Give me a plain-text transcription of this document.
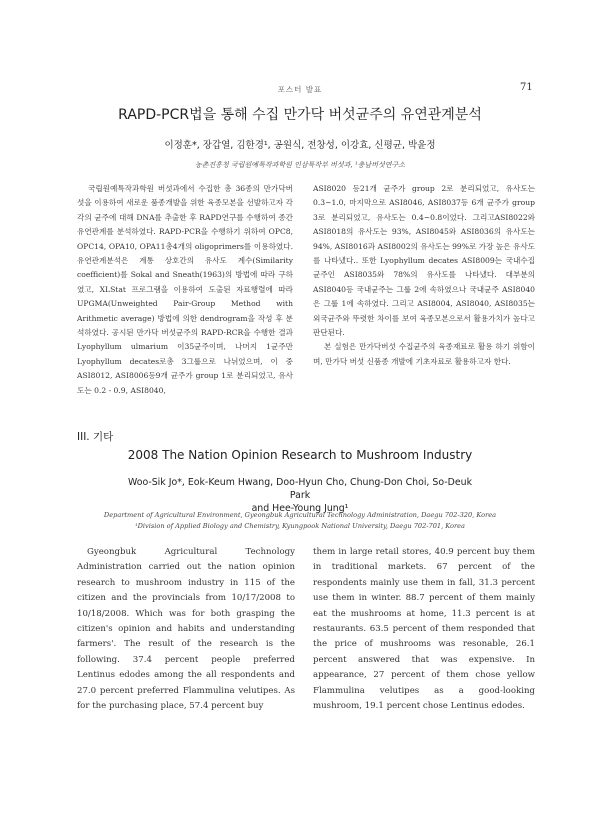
포스터 발표	71
RAPD-PCR법을 통해 수집 만가닥 버섯균주의 유연관계분석
이정훈*, 장갑열, 김한경¹, 공원식, 전창성, 이강효, 신평균, 박윤정
농촌진흥청 국립원예특작과학원 인삼특작부 버섯과, ¹충남버섯연구소

국립원예특작과학원 버섯과에서 수집한 총 36종의 만가닥버섯을 이용하여 새로운 품종개발을 위한 육종모본을 선발하고자 각각의 균주에 대해 DNA를 추출한 후 RAPD연구를 수행하여 종간 유연관계를 분석하였다. RAPD-PCR을 수행하기 위하여 OPC8, OPC14, OPA10, OPA11총4개의 oligoprimers를 이용하였다. 유연관계분석은 계통 상호간의 유사도 계수(Similarity coefficient)를 Sokal and Sneath(1963)의 방법에 따라 구하였고, XLStat 프로그램을 이용하여 도출된 자료행렬에 따라 UPGMA(Unweighted Pair-Group Method with Arithmetic average) 방법에 의한 dendrogram을 작성 후 분석하였다. 공시된 만가닥 버섯균주의 RAPD-RCR을 수행한 결과 Lyophyllum ulmarium 이35균주이며, 나머지 1균주만 Lyophyllum decates로총 3그룹으로 나뉘었으며, 이 중 ASI8012, ASI8006등9개 균주가 group 1로 분리되었고, 유사도는 0.2 - 0.9, ASI8040,

ASI8020 등21개 균주가 group 2로 분리되었고, 유사도는 0.3~1.0, 마지막으로 ASI8046, ASI8037등 6개 균주가 group 3로 분리되었고, 유사도는 0.4~0.8이었다. 그리고ASI8022와 ASI8018의 유사도는 93%, ASI8045와 ASI8036의 유사도는 94%, ASI8016과 ASI8002의 유사도는 99%로 가장 높은 유사도를 나타냈다.. 또한 Lyophyllum decates ASI8009는 국내수집균주인 ASI8035와 78%의 유사도를 나타냈다. 대부분의 ASI8040등 국내균주는 그룹 2에 속하였으나 국내균주 ASI8040은 그룹 1에 속하였다. 그리고 ASI8004, ASI8040, ASI8035는 외국균주와 뚜렷한 차이를 보여 육종모본으로서 활용가치가 높다고 판단된다.

본 실험은 만가닥버섯 수집균주의 육종재료로 활용 하기 위함이며, 만가닥 버섯 신품종 개발에 기초자료로 활용하고자 한다.

III. 기타
2008 The Nation Opinion Research to Mushroom Industry
Woo-Sik Jo*, Eok-Keum Hwang, Doo-Hyun Cho, Chung-Don Choi, So-Deuk Park
and Hee-Young Jung¹
Department of Agricultural Environment, Gyeongbuk Agricultural Technology Administration, Daegu 702-320, Korea
¹Division of Applied Biology and Chemistry, Kyungpook National University, Daegu 702-701, Korea

Gyeongbuk Agricultural Technology Administration carried out the nation opinion research to mushroom industry in 115 of the citizen and the provincials from 10/17/2008 to 10/18/2008. Which was for both grasping the citizen's opinion and habits and understanding farmers'. The result of the research is the following. 37.4 percent people preferred Lentinus edodes among the all respondents and 27.0 percent preferred Flammulina velutipes. As for the purchasing place, 57.4 percent buy

them in large retail stores, 40.9 percent buy them in traditional markets. 67 percent of the respondents mainly use them in fall, 31.3 percent use them in winter. 88.7 percent of them mainly eat the mushrooms at home, 11.3 percent is at restaurants. 63.5 percent of them responded that the price of mushrooms was resonable, 26.1 percent answered that was expensive. In appearance, 27 percent of them chose yellow Flammulina velutipes as a good-looking mushroom, 19.1 percent chose Lentinus edodes.
